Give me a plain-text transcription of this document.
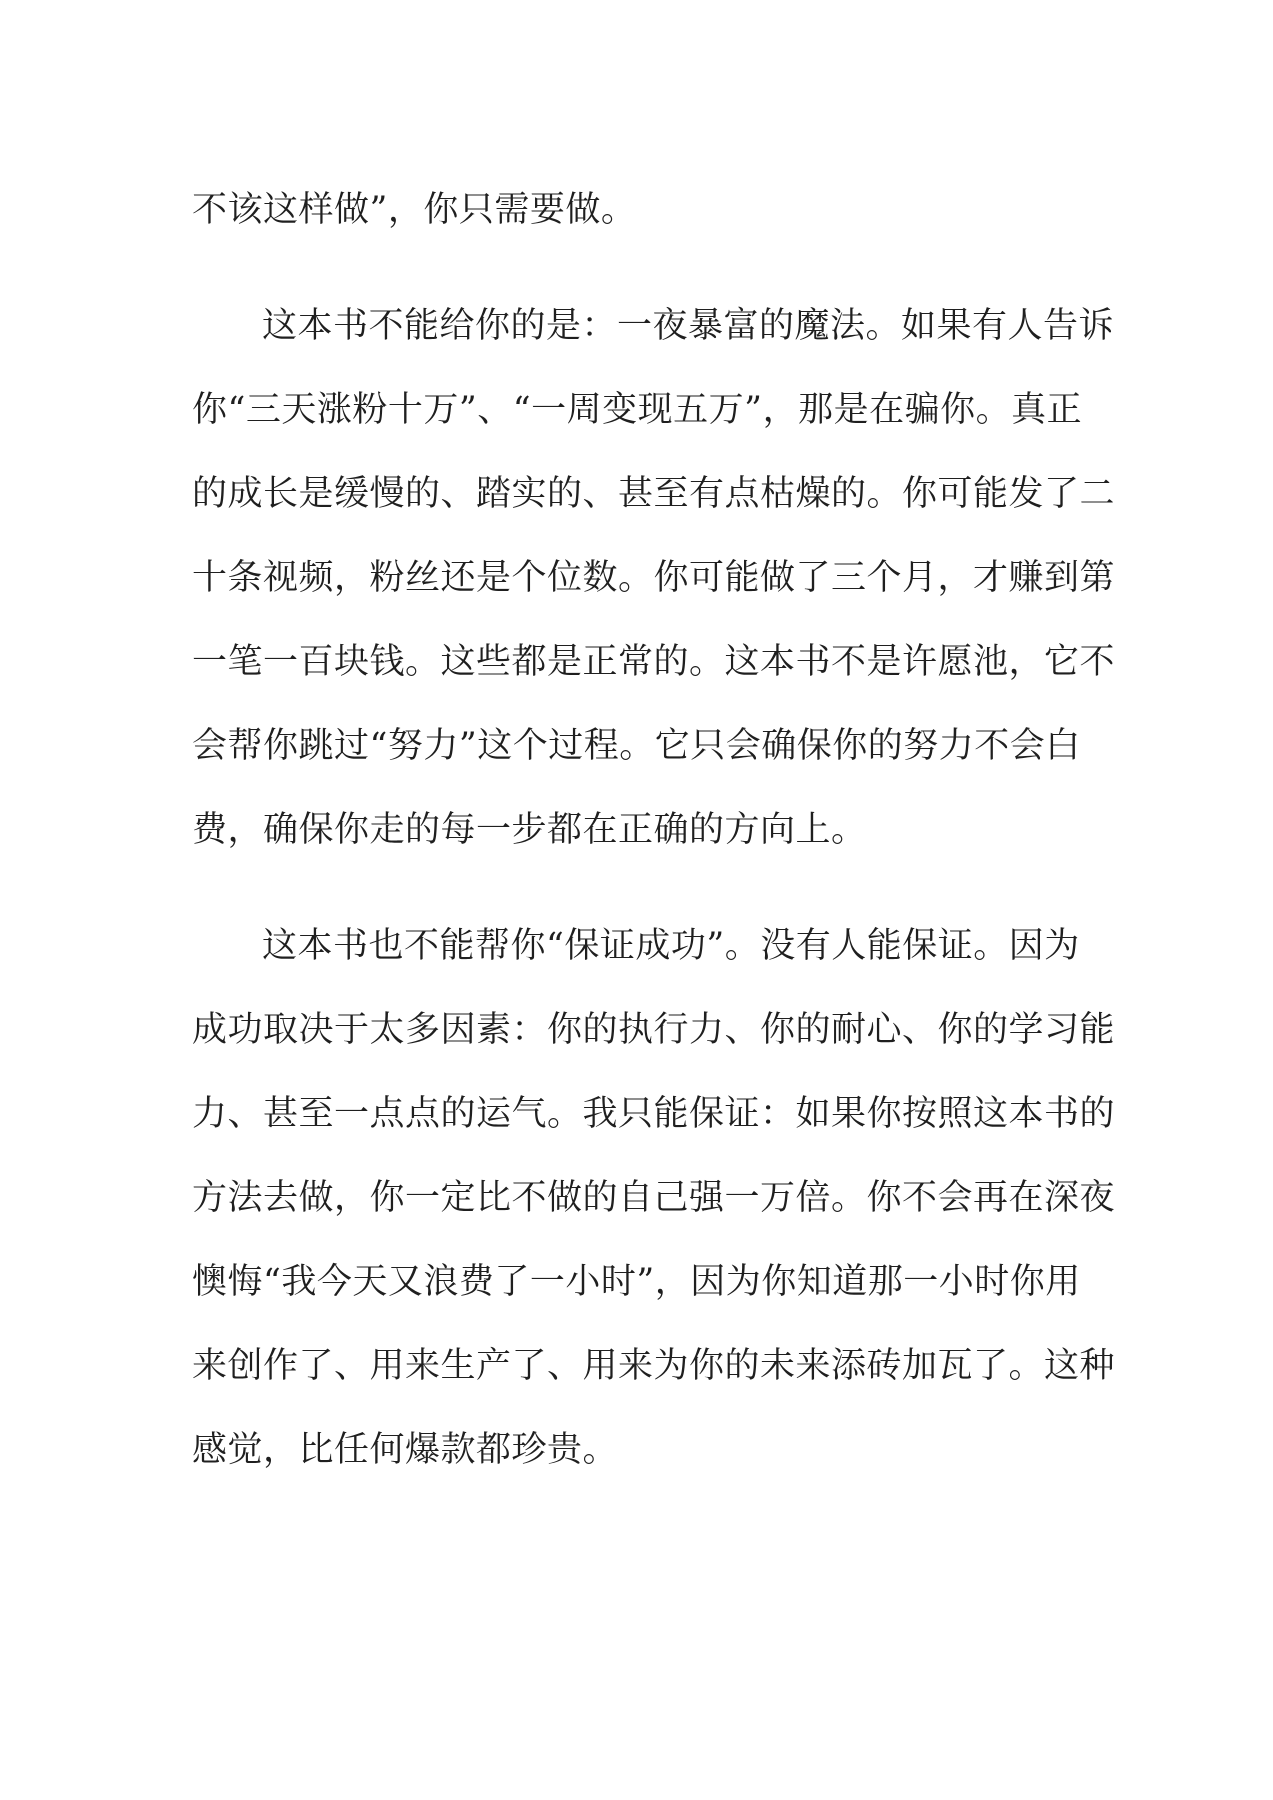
不该这样做”，你只需要做。
这本书不能给你的是：一夜暴富的魔法。如果有人告诉
你“三天涨粉十万”、“一周变现五万”，那是在骗你。真正
的成长是缓慢的、踏实的、甚至有点枯燥的。你可能发了二
十条视频，粉丝还是个位数。你可能做了三个月，才赚到第
一笔一百块钱。这些都是正常的。这本书不是许愿池，它不
会帮你跳过“努力”这个过程。它只会确保你的努力不会白
费，确保你走的每一步都在正确的方向上。
这本书也不能帮你“保证成功”。没有人能保证。因为
成功取决于太多因素：你的执行力、你的耐心、你的学习能
力、甚至一点点的运气。我只能保证：如果你按照这本书的
方法去做，你一定比不做的自己强一万倍。你不会再在深夜
懊悔“我今天又浪费了一小时”，因为你知道那一小时你用
来创作了、用来生产了、用来为你的未来添砖加瓦了。这种
感觉，比任何爆款都珍贵。
